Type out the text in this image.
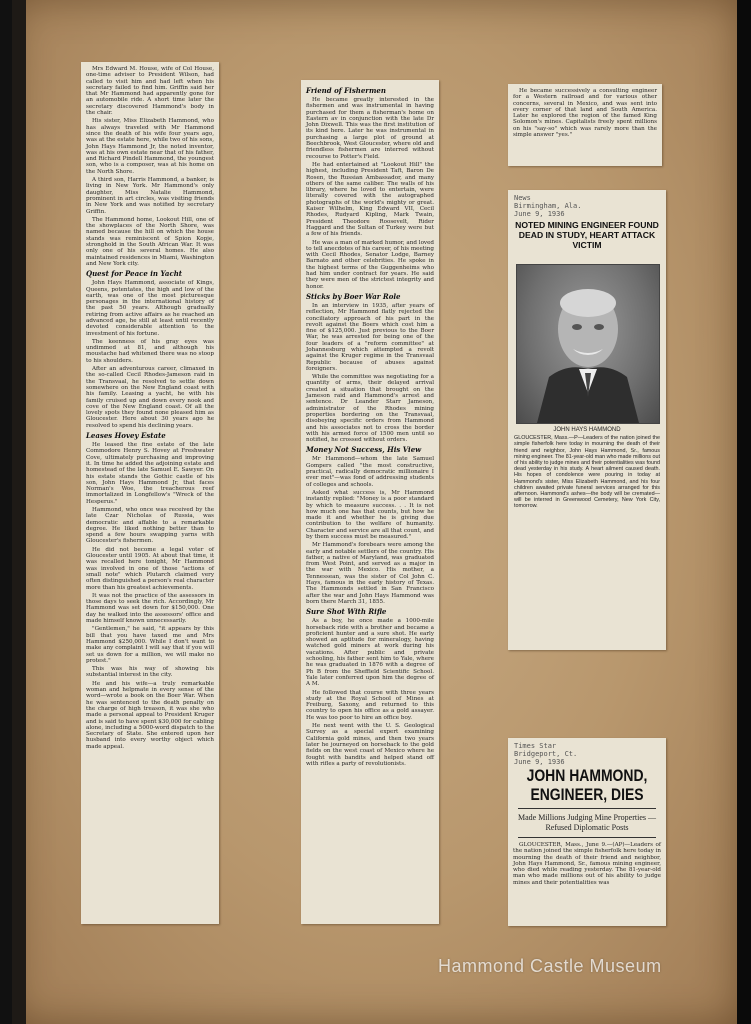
Mrs Edward M. House, wife of Col House, one-time adviser to President Wilson, had called to visit him and had left when his secretary failed to find him. Griffin said her that Mr Hammond had apparently gone for an automobile ride. A short time later the secretary discovered Hammond's body in the chair.

His sister, Miss Elizabeth Hammond, who has always traveled with Mr Hammond since the death of his wife four years ago, was at the estate here, while two of his sons, John Hays Hammond Jr, the noted inventor, was at his own estate near that of his father, and Richard Pindell Hammond, the youngest son, who is a composer, was at his home on the North Shore.

A third son, Harris Hammond, a banker, is living in New York. Mr Hammond's only daughter, Miss Natalie Hammond, prominent in art circles, was visiting friends in New York and was notified by secretary Griffin.

The Hammond home, Lookout Hill, one of the showplaces of the North Shore, was named because the hill on which the house stands was reminiscent of Spion Kopje, stronghold in the South African War. It was only one of his several homes. He also maintained residences in Miami, Washington and New York city.

Quest for Peace in Yacht

John Hays Hammond, associate of Kings, Queens, potentates, the high and low of the earth, was one of the most picturesque personages in the international history of the past 50 years. Although gradually retiring from active affairs as he reached an advanced age, he still at least until recently devoted considerable attention to the investment of his fortune.

The keenness of his gray eyes was undimmed at 81, and although his moustache had whitened there was no stoop to his shoulders.

After an adventurous career, climaxed in the so-called Cecil Rhodes-Jameson raid in the Transvaal, he resolved to settle down somewhere on the New England coast with his family. Leasing a yacht, he with his family cruised up and down every nook and cove of the New England coast. Of all the lovely spots they found none pleased him as Gloucester. Here about 30 years ago he resolved to spend his declining years.

Leases Hovey Estate

He leased the fine estate of the late Commodore Henry S. Hovey at Freshwater Cove, ultimately purchasing and improving it. In time he added the adjoining estate and homestead of the late Samuel E. Sawyer. On his estate stands the Gothic castle of his son, John Hays Hammond Jr, that faces Norman's Woe, the treacherous reef immortalized in Longfellow's "Wreck of the Hesperus."

Hammond, who once was received by the late Czar Nicholas of Russia, was democratic and affable to a remarkable degree. He liked nothing better than to spend a few hours swapping yarns with Gloucester's fishermen.

He did not become a legal voter of Gloucester until 1905. At about that time, it was recalled here tonight, Mr Hammond was involved in one of those "actions of small note" which Plutarch claimed very often distinguished a person's real character more than his greatest achievements.

It was not the practice of the assessors in those days to seek the rich. Accordingly, Mr Hammond was set down for $150,000. One day he walked into the assessors' office and made himself known unnecessarily.

"Gentlemen," he said, "it appears by this bill that you have taxed me and Mrs Hammond $250,000. While I don't want to make any complaint I will say that if you will set us down for a million, we will make no protest."

This was his way of showing his substantial interest in the city.

He and his wife—a truly remarkable woman and helpmate in every sense of the word—wrote a book on the Boer War. When he was sentenced to the death penalty on the charge of high treason, it was she who made a personal appeal to President Kruger and is said to have spent $30,000 for cabling alone, including a 5000-word dispatch to the Secretary of State. She entered upon her husband into every worthy object which made appeal.

Friend of Fishermen

He became greatly interested in the fishermen and was instrumental in having purchased for them a fisherman's home on Eastern av in conjunction with the late Dr John Dixwell. This was the first institution of its kind here. Later he was instrumental in purchasing a large plot of ground at Beechbrook, West Gloucester, where old and friendless fishermen are interred without recourse to Potter's Field.

He had entertained at "Lookout Hill" the highest, including President Taft, Baron De Rosen, the Russian Ambassador, and many others of the same caliber. The walls of his library, where he loved to entertain, were literally covered with the autographed photographs of the world's mighty or great. Kaiser Wilhelm, King Edward VII, Cecil Rhodes, Rudyard Kipling, Mark Twain, President Theodore Roosevelt, Rider Haggard and the Sultan of Turkey were but a few of his friends.

He was a man of marked humor, and loved to tell anecdotes of his career, of his meeting with Cecil Rhodes, Senator Lodge, Barney Barnato and other celebrities. He spoke in the highest terms of the Guggenheims who had him under contract for years. He said they were men of the strictest integrity and honor.

Sticks by Boer War Role

In an interview in 1935, after years of reflection, Mr Hammond flatly rejected the conciliatory approach of his part in the revolt against the Boers which cost him a fine of $125,000. Just previous to the Boer War, he was arrested for being one of the four leaders of a "reform committee" at Johannesburg which attempted a revolt against the Kruger regime in the Transvaal Republic because of abuses against foreigners.

While the committee was negotiating for a quantity of arms, their delayed arrival created a situation that brought on the Jameson raid and Hammond's arrest and sentence. Dr Leander Starr Jameson, administrator of the Rhodes mining properties bordering on the Transvaal, disobeying specific orders from Hammond and his associates not to cross the border with his armed force of 1500 men until so notified, he crossed without orders.

Money Not Success, His View

Mr Hammond—whom the late Samuel Gompers called "the most constructive, practical, radically democratic millionaire I ever met"—was fond of addressing students of colleges and schools.

Asked what success is, Mr Hammond instantly replied: "Money is a poor standard by which to measure success. . . It is not how much one has that counts, but how he made it and whether he is giving due contribution to the welfare of humanity. Character and service are all that count, and by them success must be measured."

Mr Hammond's forebears were among the early and notable settlers of the country. His father, a native of Maryland, was graduated from West Point, and served as a major in the war with Mexico. His mother, a Tennessean, was the sister of Col John C. Hays, famous in the early history of Texas. The Hammonds settled in San Francisco after the war and John Hays Hammond was born there March 31, 1855.

Sure Shot With Rifle

As a boy, he once made a 1000-mile horseback ride with a brother and became a proficient hunter and a sure shot. He early showed an aptitude for mineralogy, having watched gold miners at work during his vacations. After public and private schooling, his father sent him to Yale, where he was graduated in 1876 with a degree of Ph B from the Sheffield Scientific School. Yale later conferred upon him the degree of A M.

He followed that course with three years study at the Royal School of Mines at Freiburg, Saxony, and returned to this country to open his office as a gold assayer. He was too poor to hire an office boy.

He next went with the U. S. Geological Survey as a special expert examining California gold mines, and then two years later he journeyed on horseback to the gold fields on the west coast of Mexico where he fought with bandits and helped stand off with rifles a party of revolutionists.

He became successively a consulting engineer for a Western railroad and for various other concerns, several in Mexico, and was sent into every corner of that land and South America. Later he explored the region of the famed King Solomon's mines. Capitalists freely spent millions on his "say-so" which was rarely more than the simple answer "yes."

News
Birmingham, Ala.
June 9, 1936
NOTED MINING ENGINEER FOUND DEAD IN STUDY, HEART ATTACK VICTIM
JOHN HAYS HAMMOND
GLOUCESTER, Mass.—P—Leaders of the nation joined the simple fisherfolk here today in mourning the death of their friend and neighbor, John Hays Hammond, Sr., famous mining engineer. The 81-year-old man who made millions out of his ability to judge mines and their potentialities was found dead yesterday in his study. A heart ailment caused death. His hopes of condolence were pouring in today at Hammond's sister, Miss Elizabeth Hammond, and his four children awaited private funeral services arranged for this afternoon. Hammond's ashes—the body will be cremated—will be interred in Greenwood Cemetery, New York City, tomorrow.
Times Star
Bridgeport, Ct.
June 9, 1936
JOHN HAMMOND, ENGINEER, DIES
Made Millions Judging Mine Properties — Refused Diplomatic Posts

GLOUCESTER, Mass., June 9.—(AP)—Leaders of the nation joined the simple fisherfolk here today in mourning the death of their friend and neighbor, John Hays Hammond, Sr., famous mining engineer, who died while reading yesterday. The 81-year-old man who made millions out of his ability to judge mines and their potentialities was

Hammond Castle Museum
